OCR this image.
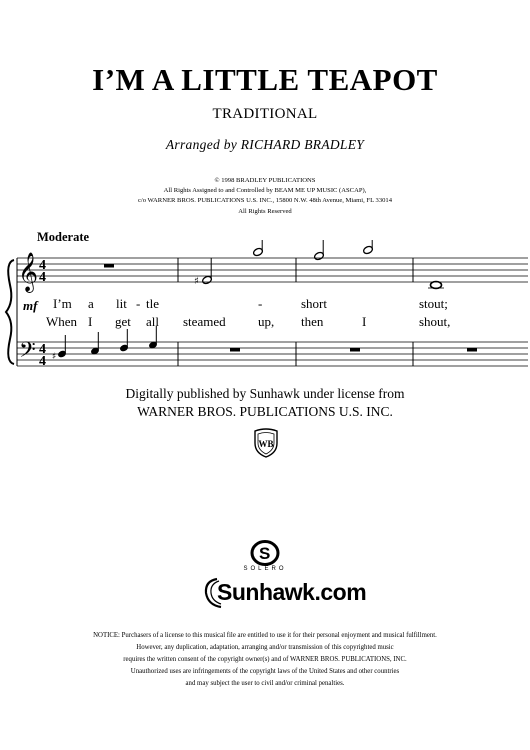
I’M A LITTLE TEAPOT
TRADITIONAL
Arranged by RICHARD BRADLEY
© 1998 BRADLEY PUBLICATIONS
All Rights Assigned to and Controlled by BEAM ME UP MUSIC (ASCAP),
c/o WARNER BROS. PUBLICATIONS U.S. INC., 15800 N.W. 48th Avenue, Miami, FL 33014
All Rights Reserved
Moderate
𝄞
𝄢
4
4
4
4
♯
♯
mf I’m a lit - tle	-	short	stout;
When I get all steamed up, then	I	shout,
Digitally published by Sunhawk under license from
WARNER BROS. PUBLICATIONS U.S. INC.
WB
S
SOLERO
Sunhawk.com
NOTICE: Purchasers of a license to this musical file are entitled to use it for their personal enjoyment and musical fulfillment.
However, any duplication, adaptation, arranging and/or transmission of this copyrighted music
requires the written consent of the copyright owner(s) and of WARNER BROS. PUBLICATIONS, INC.
Unauthorized uses are infringements of the copyright laws of the United States and other countries
and may subject the user to civil and/or criminal penalties.
